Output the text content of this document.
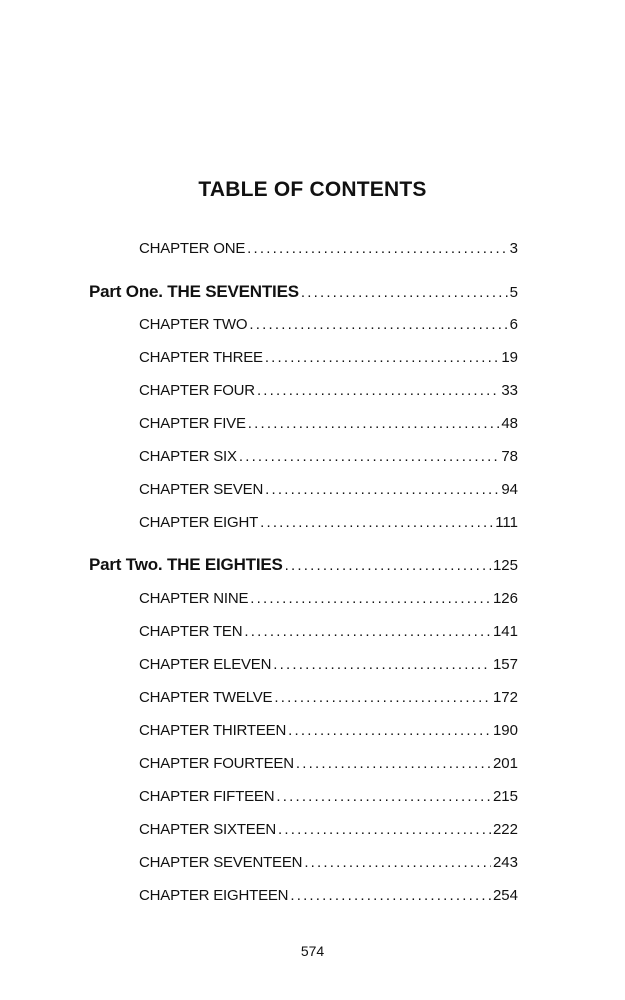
TABLE OF CONTENTS
CHAPTER ONE .....	3
Part One. THE SEVENTIES .....	5
CHAPTER TWO .....	6
CHAPTER THREE .....	19
CHAPTER FOUR .....	33
CHAPTER FIVE .....	48
CHAPTER SIX .....	78
CHAPTER SEVEN .....	94
CHAPTER EIGHT .....	111
Part Two. THE EIGHTIES .....	125
CHAPTER NINE .....	126
CHAPTER TEN .....	141
CHAPTER ELEVEN .....	157
CHAPTER TWELVE .....	172
CHAPTER THIRTEEN .....	190
CHAPTER FOURTEEN .....	201
CHAPTER FIFTEEN .....	215
CHAPTER SIXTEEN .....	222
CHAPTER SEVENTEEN .....	243
CHAPTER EIGHTEEN .....	254
574
